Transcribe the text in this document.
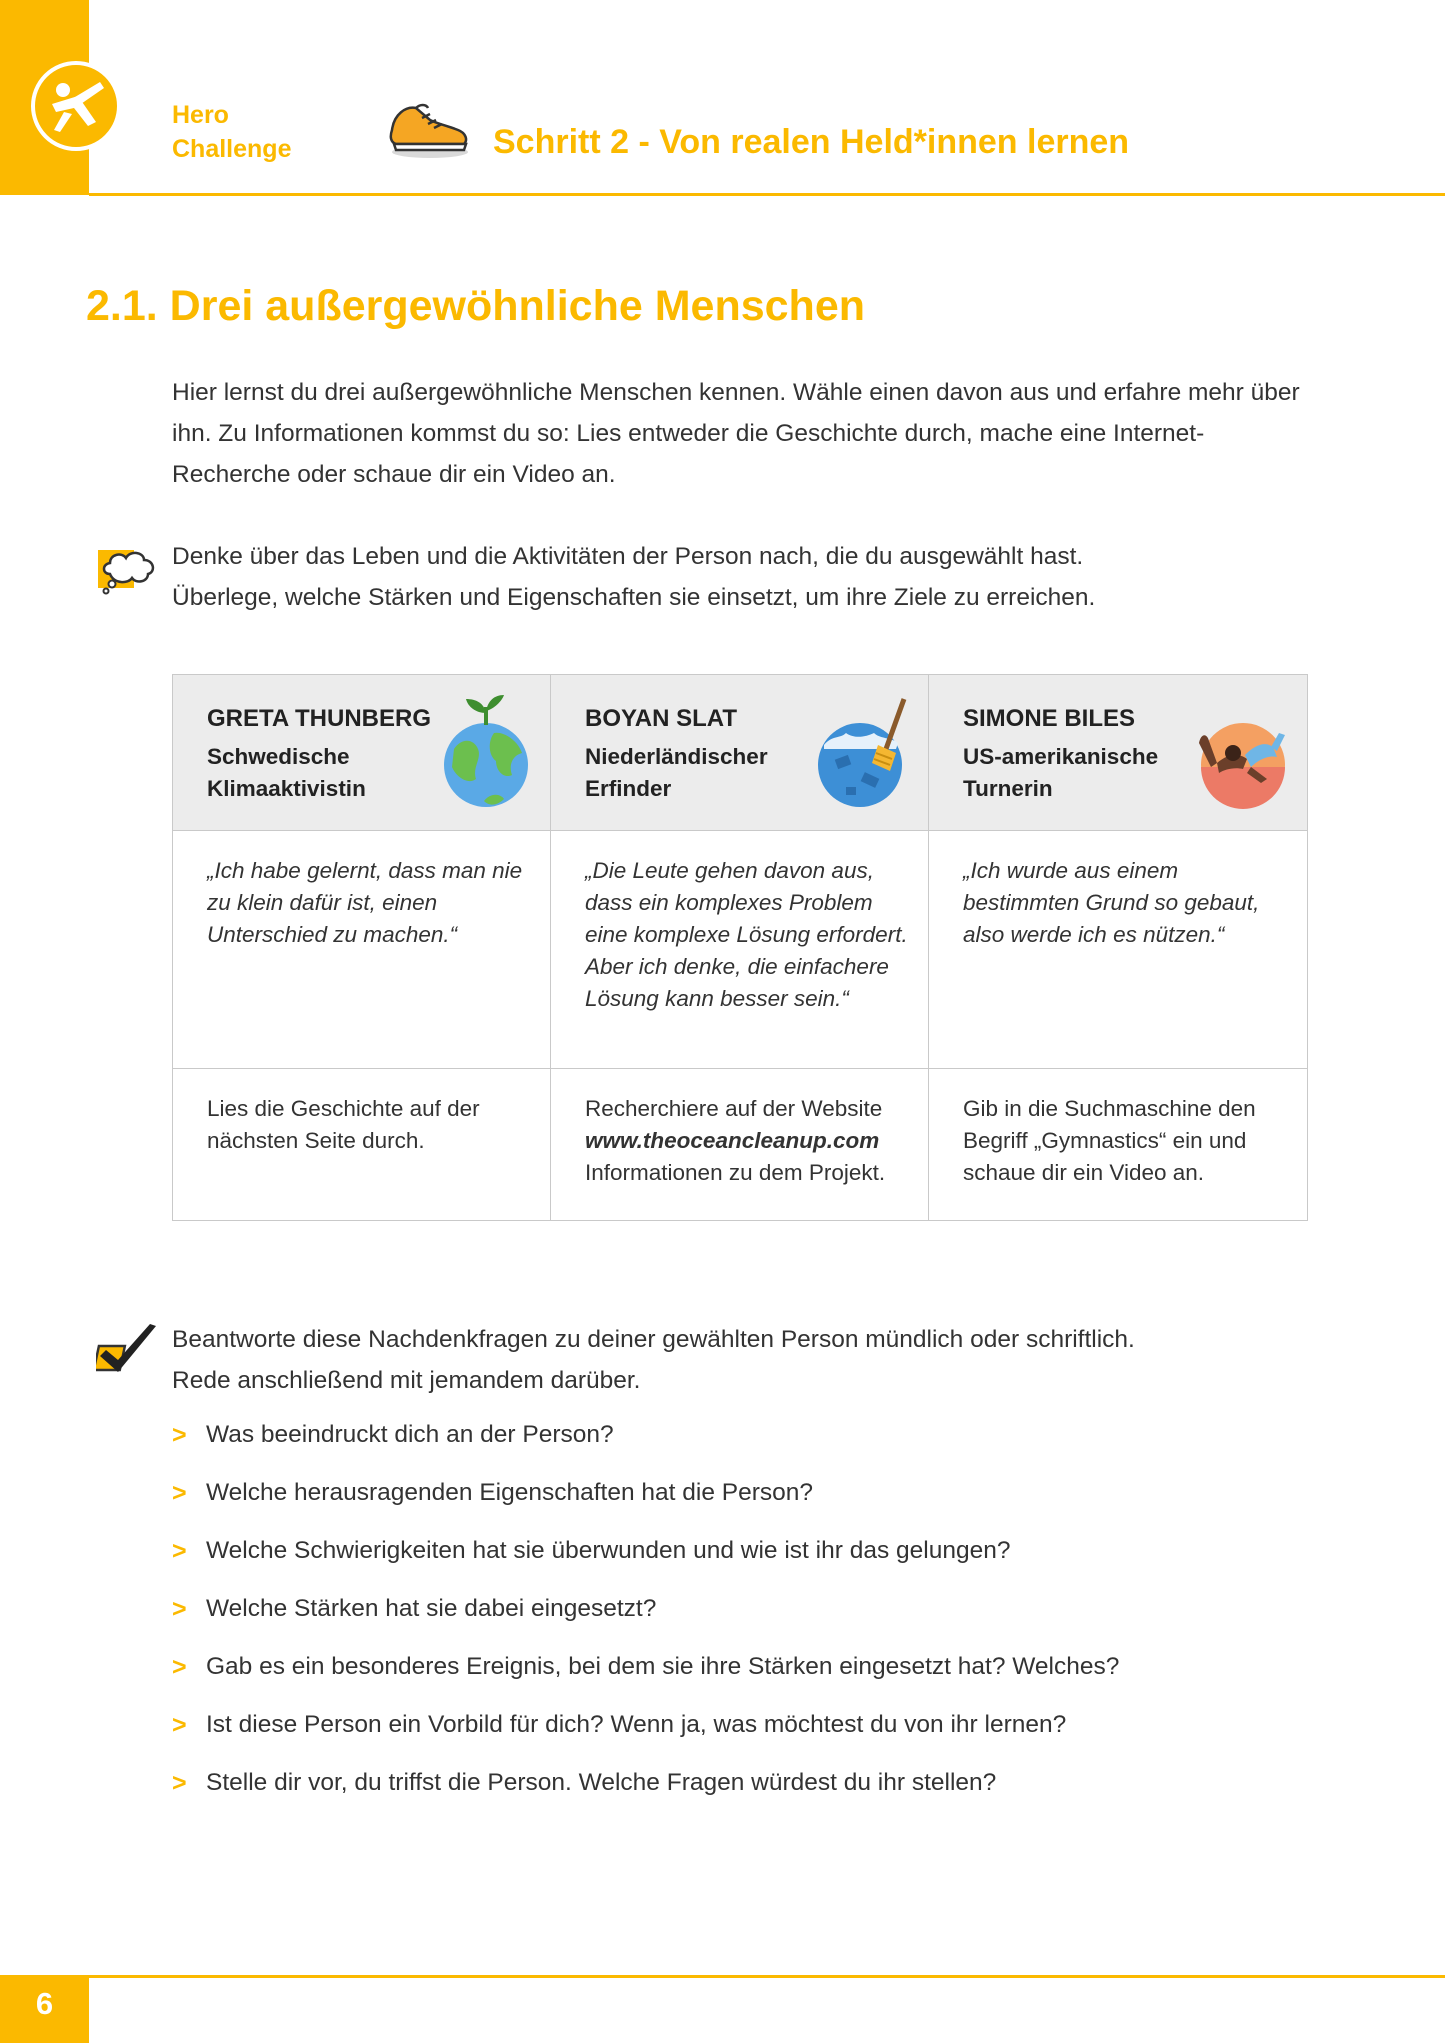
Hero
Challenge	Schritt 2 - Von realen Held*innen lernen
2.1. Drei außergewöhnliche Menschen
Hier lernst du drei außergewöhnliche Menschen kennen. Wähle einen davon aus und erfahre mehr über ihn. Zu Informationen kommst du so: Lies entweder die Geschichte durch, mache eine Internet-Recherche oder schaue dir ein Video an.
Denke über das Leben und die Aktivitäten der Person nach, die du ausgewählt hast.
Überlege, welche Stärken und Eigenschaften sie einsetzt, um ihre Ziele zu erreichen.
GRETA THUNBERG
Schwedische
Klimaaktivistin
BOYAN SLAT
Niederländischer
Erfinder
SIMONE BILES
US-amerikanische
Turnerin
„Ich habe gelernt, dass man nie zu klein dafür ist, einen Unterschied zu machen.“
„Die Leute gehen davon aus, dass ein komplexes Problem eine komplexe Lösung erfordert. Aber ich denke, die einfachere Lösung kann besser sein.“
„Ich wurde aus einem bestimmten Grund so gebaut, also werde ich es nützen.“
Lies die Geschichte auf der nächsten Seite durch.
Recherchiere auf der Website
www.theoceancleanup.com
Informationen zu dem Projekt.
Gib in die Suchmaschine den Begriff „Gymnastics“ ein und schaue dir ein Video an.
Beantworte diese Nachdenkfragen zu deiner gewählten Person mündlich oder schriftlich.
Rede anschließend mit jemandem darüber.
> Was beeindruckt dich an der Person?
> Welche herausragenden Eigenschaften hat die Person?
> Welche Schwierigkeiten hat sie überwunden und wie ist ihr das gelungen?
> Welche Stärken hat sie dabei eingesetzt?
> Gab es ein besonderes Ereignis, bei dem sie ihre Stärken eingesetzt hat? Welches?
> Ist diese Person ein Vorbild für dich? Wenn ja, was möchtest du von ihr lernen?
> Stelle dir vor, du triffst die Person. Welche Fragen würdest du ihr stellen?
6
